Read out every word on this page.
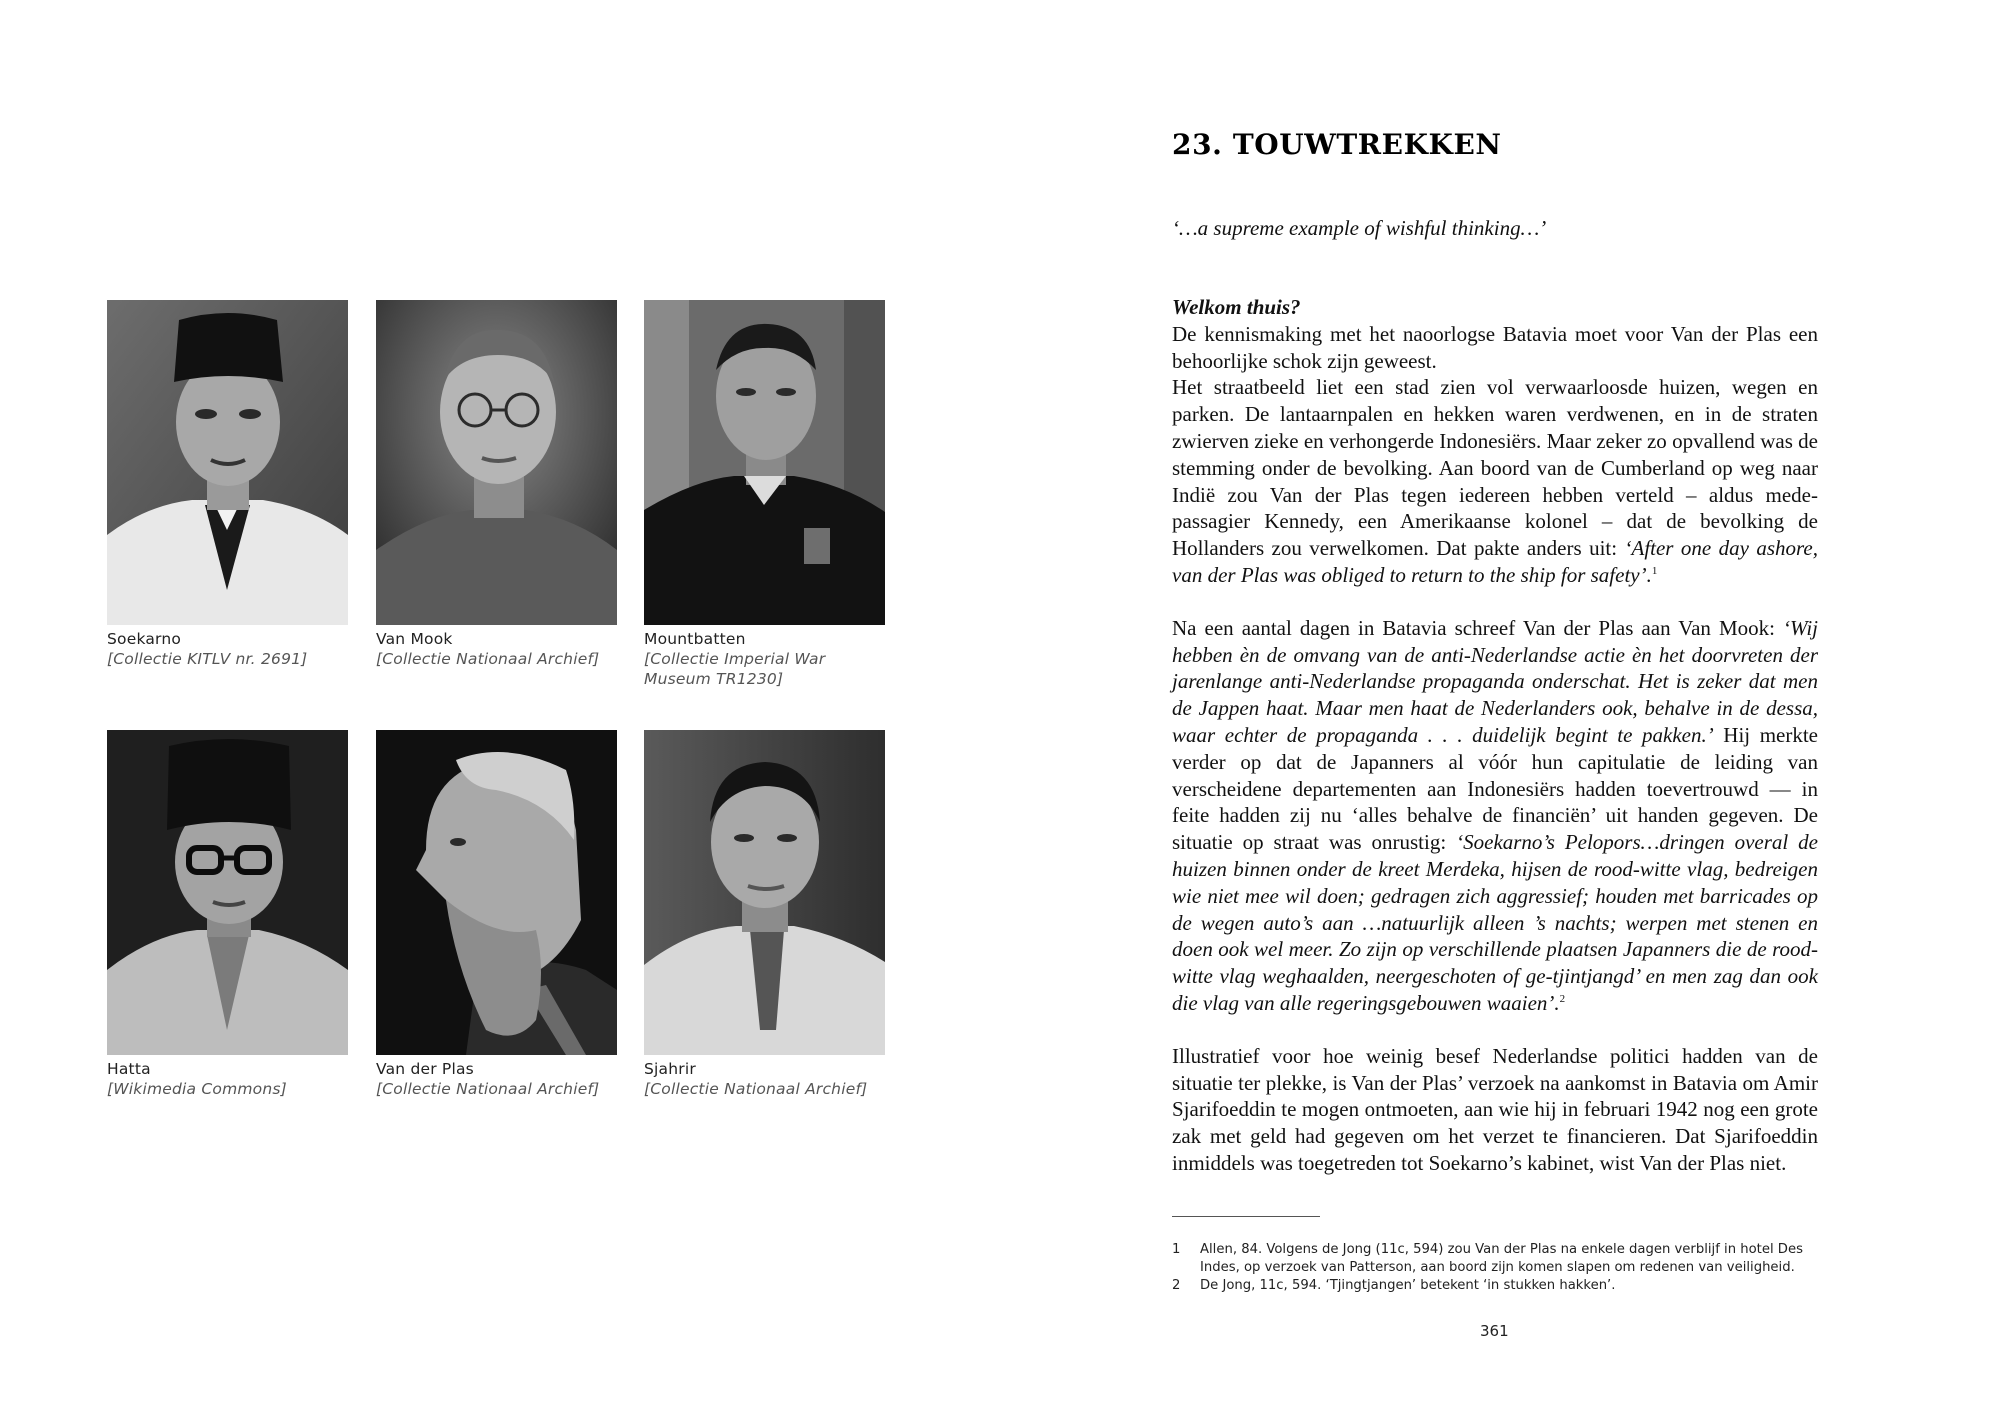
Soekarno
[Collectie KITLV nr. 2691]
Van Mook
[Collectie Nationaal Archief]
Mountbatten
[Collectie Imperial War Museum TR1230]
Hatta
[Wikimedia Commons]
Van der Plas
[Collectie Nationaal Archief]
Sjahrir
[Collectie Nationaal Archief]
23. TOUWTREKKEN
‘…a supreme example of wishful thinking…’
Welkom thuis?
De kennismaking met het naoorlogse Batavia moet voor Van der Plas een behoorlijke schok zijn geweest.
Het straatbeeld liet een stad zien vol verwaarloosde huizen, wegen en parken. De lantaarnpalen en hekken waren verdwenen, en in de straten zwierven zieke en verhongerde Indonesiërs. Maar zeker zo opvallend was de stemming onder de bevolking. Aan boord van de Cumberland op weg naar Indië zou Van der Plas tegen iedereen hebben verteld – aldus mede-passagier Kennedy, een Amerikaanse kolonel – dat de bevolking de Hollanders zou verwelkomen. Dat pakte anders uit: ‘After one day ashore, van der Plas was obliged to return to the ship for safety’.$^1$
Na een aantal dagen in Batavia schreef Van der Plas aan Van Mook: ‘Wij hebben èn de omvang van de anti-Nederlandse actie èn het doorvreten der jarenlange anti-Nederlandse propaganda onderschat. Het is zeker dat men de Jappen haat. Maar men haat de Nederlanders ook, behalve in de dessa, waar echter de propaganda . . . duidelijk begint te pakken.’ Hij merkte verder op dat de Japanners al vóór hun capitulatie de leiding van verscheidene departementen aan Indonesiërs hadden toevertrouwd — in feite hadden zij nu ‘alles behalve de financiën’ uit handen gegeven. De situatie op straat was onrustig: ‘Soekarno’s Pelopors…dringen overal de huizen binnen onder de kreet Merdeka, hijsen de rood-witte vlag, bedreigen wie niet mee wil doen; gedragen zich aggressief; houden met barricades op de wegen auto’s aan …natuurlijk alleen ’s nachts; werpen met stenen en doen ook wel meer. Zo zijn op verschillende plaatsen Japanners die de rood-witte vlag weghaalden, neergeschoten of ge-tjintjangd’ en men zag dan ook die vlag van alle regeringsgebouwen waaien’.$^2$
Illustratief voor hoe weinig besef Nederlandse politici hadden van de situatie ter plekke, is Van der Plas’ verzoek na aankomst in Batavia om Amir Sjarifoeddin te mogen ontmoeten, aan wie hij in februari 1942 nog een grote zak met geld had gegeven om het verzet te financieren. Dat Sjarifoeddin inmiddels was toegetreden tot Soekarno’s kabinet, wist Van der Plas niet.
1	Allen, 84. Volgens de Jong (11c, 594) zou Van der Plas na enkele dagen verblijf in hotel Des Indes, op verzoek van Patterson, aan boord zijn komen slapen om redenen van veiligheid.
2	De Jong, 11c, 594. ‘Tjingtjangen’ betekent ‘in stukken hakken’.
361
